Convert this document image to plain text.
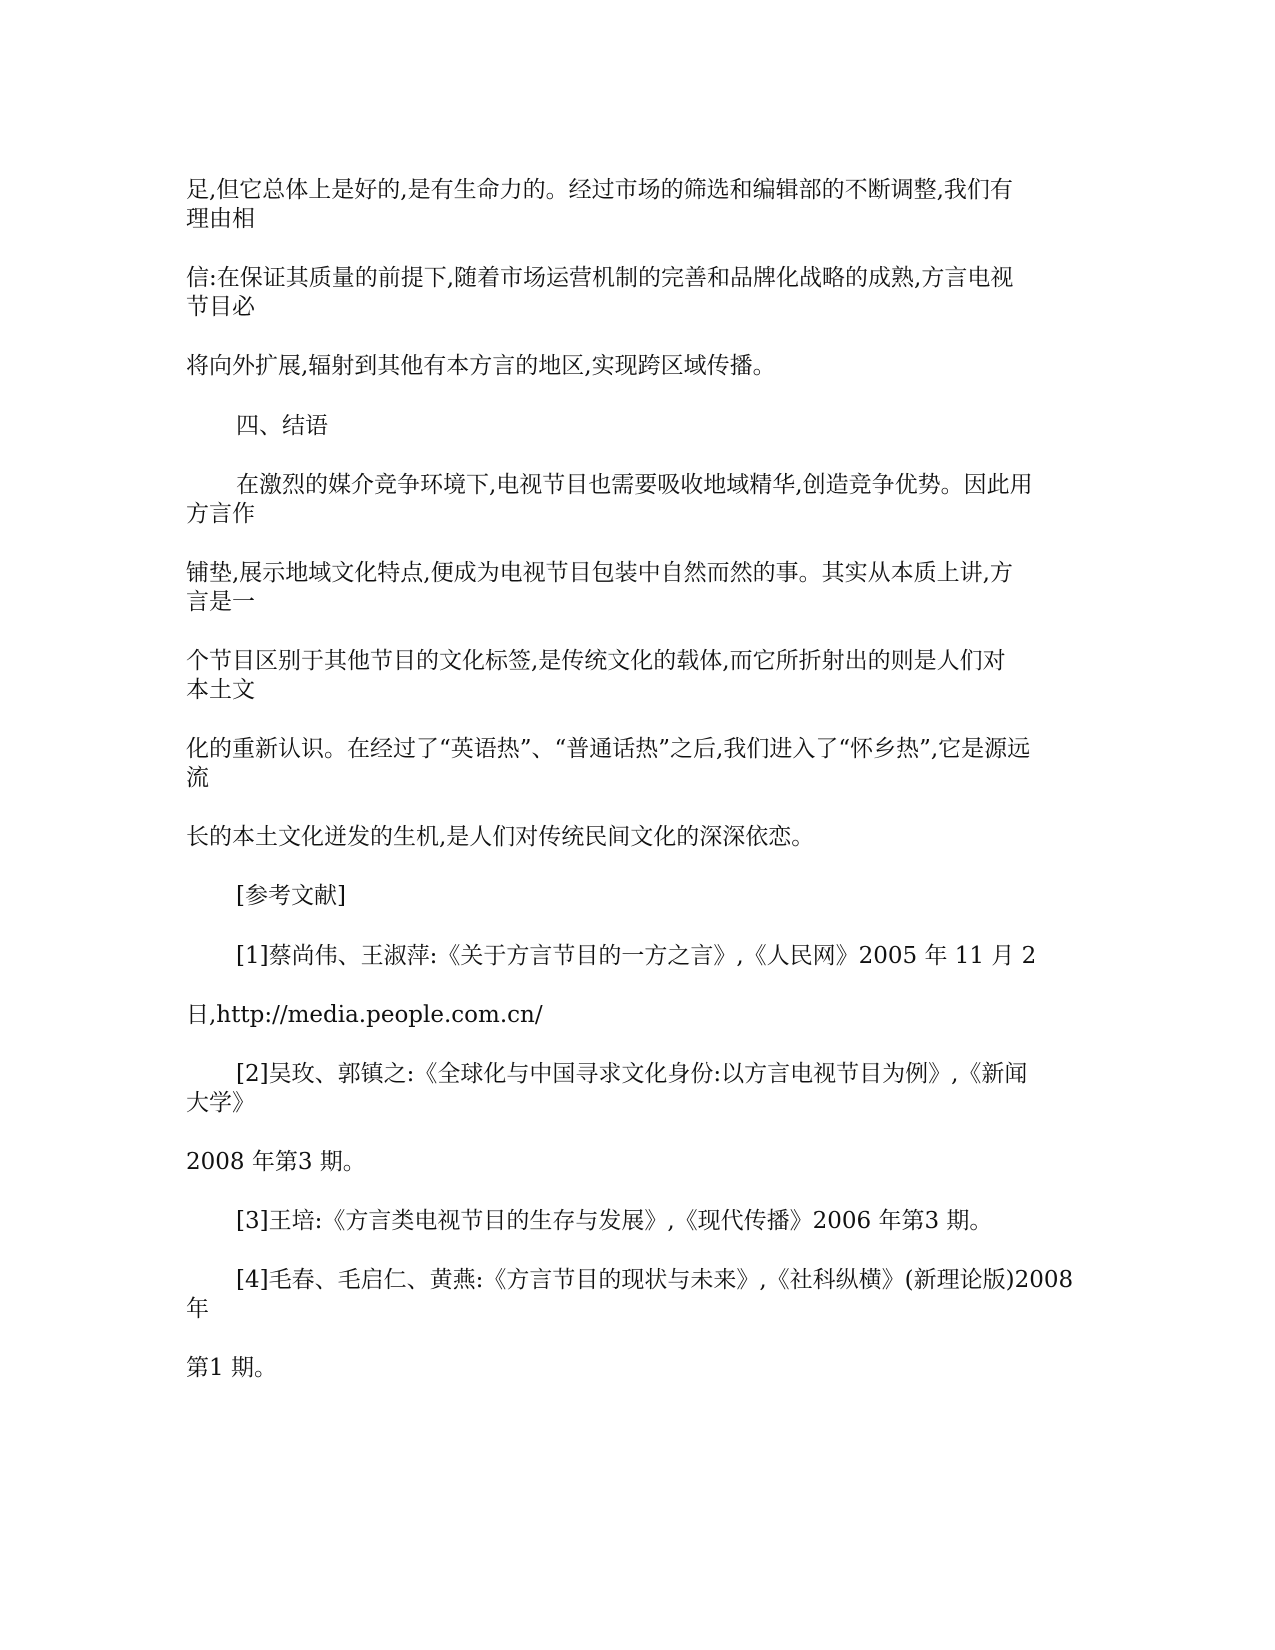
足,但它总体上是好的,是有生命力的。经过市场的筛选和编辑部的不断调整,我们有
理由相
信:在保证其质量的前提下,随着市场运营机制的完善和品牌化战略的成熟,方言电视
节目必
将向外扩展,辐射到其他有本方言的地区,实现跨区域传播。
四、结语
在激烈的媒介竞争环境下,电视节目也需要吸收地域精华,创造竞争优势。因此用
方言作
铺垫,展示地域文化特点,便成为电视节目包装中自然而然的事。其实从本质上讲,方
言是一
个节目区别于其他节目的文化标签,是传统文化的载体,而它所折射出的则是人们对
本土文
化的重新认识。在经过了“英语热”、“普通话热”之后,我们进入了“怀乡热”,它是源远
流
长的本土文化迸发的生机,是人们对传统民间文化的深深依恋。
[参考文献]
[1]蔡尚伟、王淑萍:《关于方言节目的一方之言》,《人民网》2005 年 11 月 2
日,http://media.people.com.cn/
[2]吴玫、郭镇之:《全球化与中国寻求文化身份:以方言电视节目为例》,《新闻
大学》
2008 年第3 期。
[3]王培:《方言类电视节目的生存与发展》,《现代传播》2006 年第3 期。
[4]毛春、毛启仁、黄燕:《方言节目的现状与未来》,《社科纵横》(新理论版)2008
年
第1 期。
